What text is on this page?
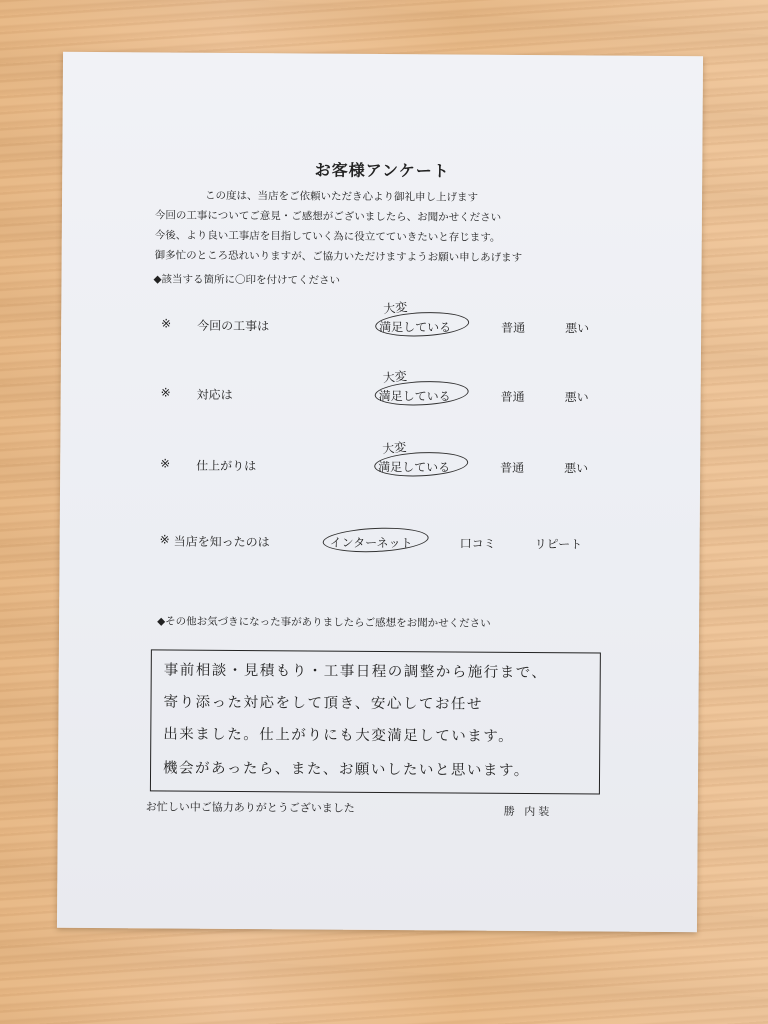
お客様アンケート
この度は、当店をご依頼いただき心より御礼申し上げます
今回の工事についてご意見・ご感想がございましたら、お聞かせください
今後、より良い工事店を目指していく為に役立てていきたいと存じます。
御多忙のところ恐れいりますが、ご協力いただけますようお願い申しあげます
◆該当する箇所に〇印を付けてください
※ 今回の工事は
大変
満足している	普通	悪い
※ 対応は
大変
満足している	普通	悪い
※ 仕上がりは
大変
満足している	普通	悪い
※ 当店を知ったのは	インターネット	口コミ	リピート
◆その他お気づきになった事がありましたらご感想をお聞かせください
事前相談・見積もり・工事日程の調整から施行まで、
寄り添った対応をして頂き、安心してお任せ
出来ました。仕上がりにも大変満足しています。
機会があったら、また、お願いしたいと思います。
お忙しい中ご協力ありがとうございました	勝 内装
